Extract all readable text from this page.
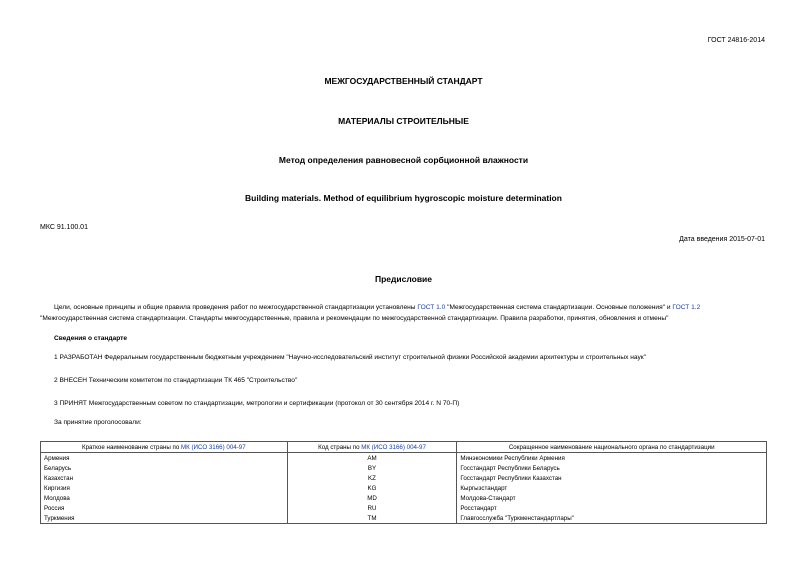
ГОСТ 24816-2014
МЕЖГОСУДАРСТВЕННЫЙ СТАНДАРТ
МАТЕРИАЛЫ СТРОИТЕЛЬНЫЕ
Метод определения равновесной сорбционной влажности
Building materials. Method of equilibrium hygroscopic moisture determination
МКС 91.100.01
Дата введения 2015-07-01
Предисловие
Цели, основные принципы и общие правила проведения работ по межгосударственной стандартизации установлены ГОСТ 1.0 "Межгосударственная система стандартизации. Основные положения" и ГОСТ 1.2
"Межгосударственная система стандартизации. Стандарты межгосударственные, правила и рекомендации по межгосударственной стандартизации. Правила разработки, принятия, обновления и отмены"
Сведения о стандарте
1 РАЗРАБОТАН Федеральным государственным бюджетным учреждением "Научно-исследовательский институт строительной физики Российской академии архитектуры и строительных наук"
2 ВНЕСЕН Техническим комитетом по стандартизации ТК 465 "Строительство"
3 ПРИНЯТ Межгосударственным советом по стандартизации, метрологии и сертификации (протокол от 30 сентября 2014 г. N 70-П)
За принятие проголосовали:
Краткое наименование страны по МК (ИСО 3166) 004-97	Код страны по МК (ИСО 3166) 004-97	Сокращенное наименование национального органа по стандартизации
Армения	AM	Минэкономики Республики Армения
Беларусь	BY	Госстандарт Республики Беларусь
Казахстан	KZ	Госстандарт Республики Казахстан
Киргизия	KG	Кыргызстандарт
Молдова	MD	Молдова-Стандарт
Россия	RU	Росстандарт
Туркмения	TM	Главгосслужба "Туркменстандартлары"
